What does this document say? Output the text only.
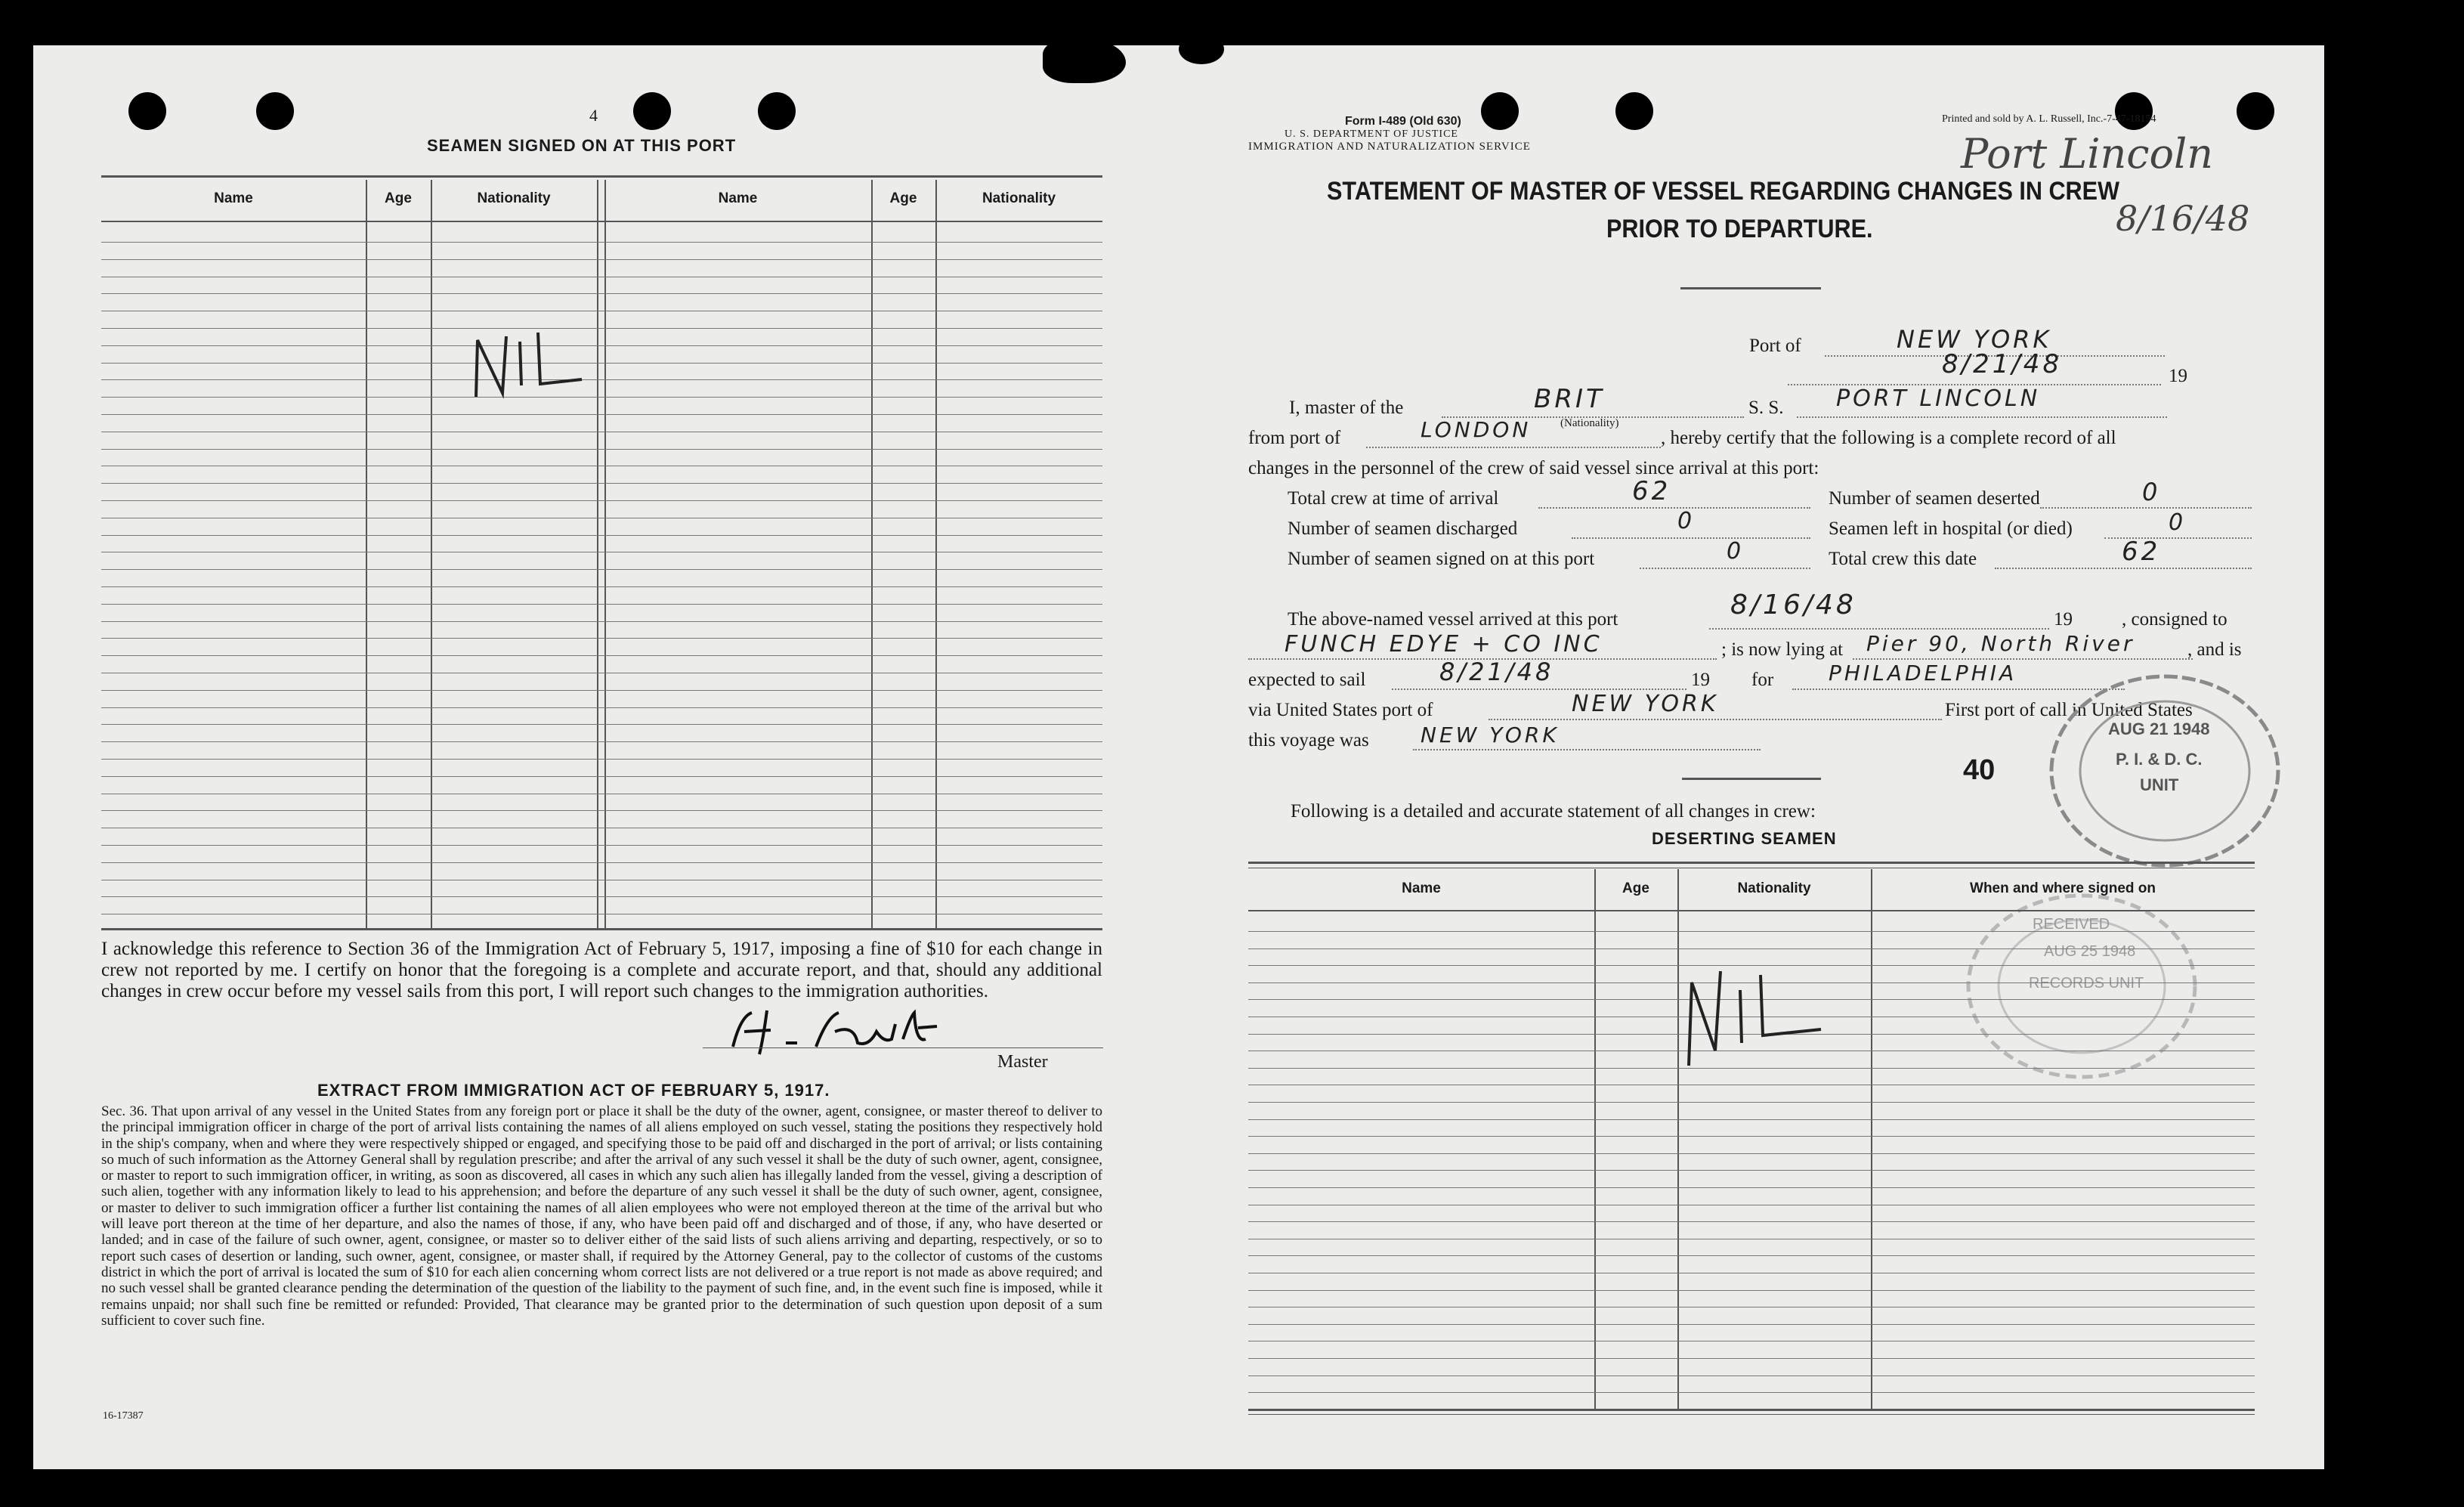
4
SEAMEN SIGNED ON AT THIS PORT
Name	Age	Nationality	Name	Age	Nationality
I acknowledge this reference to Section 36 of the Immigration Act of February 5, 1917, imposing a fine of $10 for each change in crew not reported by me. I certify on honor that the foregoing is a complete and accurate report, and that, should any additional changes in crew occur before my vessel sails from this port, I will report such changes to the immigration authorities.
Master
EXTRACT FROM IMMIGRATION ACT OF FEBRUARY 5, 1917.
Sec. 36. That upon arrival of any vessel in the United States from any foreign port or place it shall be the duty of the owner, agent, consignee, or master thereof to deliver to the principal immigration officer in charge of the port of arrival lists containing the names of all aliens employed on such vessel, stating the positions they respectively hold in the ship's company, when and where they were respectively shipped or engaged, and specifying those to be paid off and discharged in the port of arrival; or lists containing so much of such information as the Attorney General shall by regulation prescribe; and after the arrival of any such vessel it shall be the duty of such owner, agent, consignee, or master to report to such immigration officer, in writing, as soon as discovered, all cases in which any such alien has illegally landed from the vessel, giving a description of such alien, together with any information likely to lead to his apprehension; and before the departure of any such vessel it shall be the duty of such owner, agent, consignee, or master to deliver to such immigration officer a further list containing the names of all alien employees who were not employed thereon at the time of the arrival but who will leave port thereon at the time of her departure, and also the names of those, if any, who have been paid off and discharged and of those, if any, who have deserted or landed; and in case of the failure of such owner, agent, consignee, or master so to deliver either of the said lists of such aliens arriving and departing, respectively, or so to report such cases of desertion or landing, such owner, agent, consignee, or master shall, if required by the Attorney General, pay to the collector of customs of the customs district in which the port of arrival is located the sum of $10 for each alien concerning whom correct lists are not delivered or a true report is not made as above required; and no such vessel shall be granted clearance pending the determination of the question of the liability to the payment of such fine, and, in the event such fine is imposed, while it remains unpaid; nor shall such fine be remitted or refunded: Provided, That clearance may be granted prior to the determination of such question upon deposit of a sum sufficient to cover such fine.
16-17387
Form I-489 (Old 630)
U. S. DEPARTMENT OF JUSTICE
IMMIGRATION AND NATURALIZATION SERVICE
Printed and sold by A. L. Russell, Inc.-7-47-18154
Port Lincoln
8/16/48
STATEMENT OF MASTER OF VESSEL REGARDING CHANGES IN CREW
PRIOR TO DEPARTURE.
Port of	NEW YORK
8/21/48	19
I, master of the	BRIT	S. S. PORT LINCOLN
from port of	LONDON	(Nationality)
, hereby certify that the following is a complete record of all
changes in the personnel of the crew of said vessel since arrival at this port:
Total crew at time of arrival	62	Number of seamen deserted	0
Number of seamen discharged	0	Seamen left in hospital (or died)	0
Number of seamen signed on at this port	0	Total crew this date	62
The above-named vessel arrived at this port	8/16/48	19	, consigned to
FUNCH EDYE + CO INC	; is now lying at Pier 90, North River	, and is
expected to sail	8/21/48	19 for	PHILADELPHIA
via United States port of	NEW YORK	First port of call in United States
this voyage was NEW YORK
40
Following is a detailed and accurate statement of all changes in crew:
DESERTING SEAMEN
AUG 21 1948
P. I. & D. C.
UNIT
RECEIVED
AUG 25 1948
RECORDS UNIT
Name	Age	Nationality	When and where signed on
